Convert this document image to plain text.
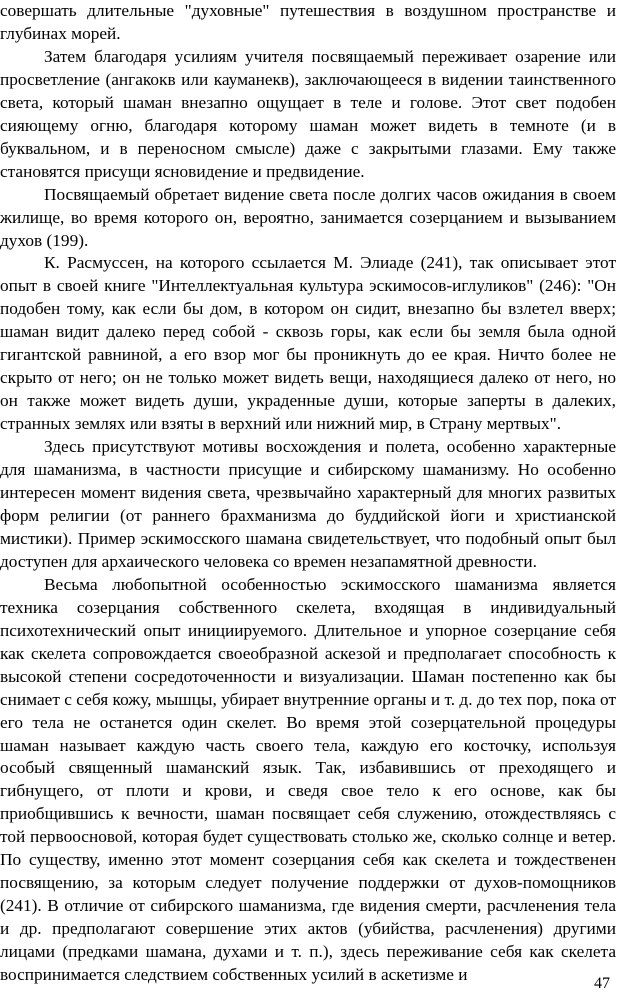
совершать длительные "духовные" путешествия в воздушном пространстве и глубинах морей.

Затем благодаря усилиям учителя посвящаемый переживает озарение или просветление (ангакокв или кауманекв), заключающееся в видении таинственного света, который шаман внезапно ощущает в теле и голове. Этот свет подобен сияющему огню, благодаря которому шаман может видеть в темноте (и в буквальном, и в переносном смысле) даже с закрытыми глазами. Ему также становятся присущи ясновидение и предвидение.

Посвящаемый обретает видение света после долгих часов ожидания в своем жилище, во время которого он, вероятно, занимается созерцанием и вызыванием духов (199).

К. Расмуссен, на которого ссылается М. Элиаде (241), так описывает этот опыт в своей книге "Интеллектуальная культура эскимосов-иглуликов" (246): "Он подобен тому, как если бы дом, в котором он сидит, внезапно бы взлетел вверх; шаман видит далеко перед собой - сквозь горы, как если бы земля была одной гигантской равниной, а его взор мог бы проникнуть до ее края. Ничто более не скрыто от него; он не только может видеть вещи, находящиеся далеко от него, но он также может видеть души, украденные души, которые заперты в далеких, странных землях или взяты в верхний или нижний мир, в Страну мертвых".

Здесь присутствуют мотивы восхождения и полета, особенно характерные для шаманизма, в частности присущие и сибирскому шаманизму. Но особенно интересен момент видения света, чрезвычайно характерный для многих развитых форм религии (от раннего брахманизма до буддийской йоги и христианской мистики). Пример эскимосского шамана свидетельствует, что подобный опыт был доступен для архаического человека со времен незапамятной древности.

Весьма любопытной особенностью эскимосского шаманизма является техника созерцания собственного скелета, входящая в индивидуальный психотехнический опыт инициируемого. Длительное и упорное созерцание себя как скелета сопровождается своеобразной аскезой и предполагает способность к высокой степени сосредоточенности и визуализации. Шаман постепенно как бы снимает с себя кожу, мышцы, убирает внутренние органы и т. д. до тех пор, пока от его тела не останется один скелет. Во время этой созерцательной процедуры шаман называет каждую часть своего тела, каждую его косточку, используя особый священный шаманский язык. Так, избавившись от преходящего и гибнущего, от плоти и крови, и сведя свое тело к его основе, как бы приобщившись к вечности, шаман посвящает себя служению, отождествляясь с той первоосновой, которая будет существовать столько же, сколько солнце и ветер. По существу, именно этот момент созерцания себя как скелета и тождественен посвящению, за которым следует получение поддержки от духов-помощников (241). В отличие от сибирского шаманизма, где видения смерти, расчленения тела и др. предполагают совершение этих актов (убийства, расчленения) другими лицами (предками шамана, духами и т. п.), здесь переживание себя как скелета воспринимается следствием собственных усилий в аскетизме и	47
